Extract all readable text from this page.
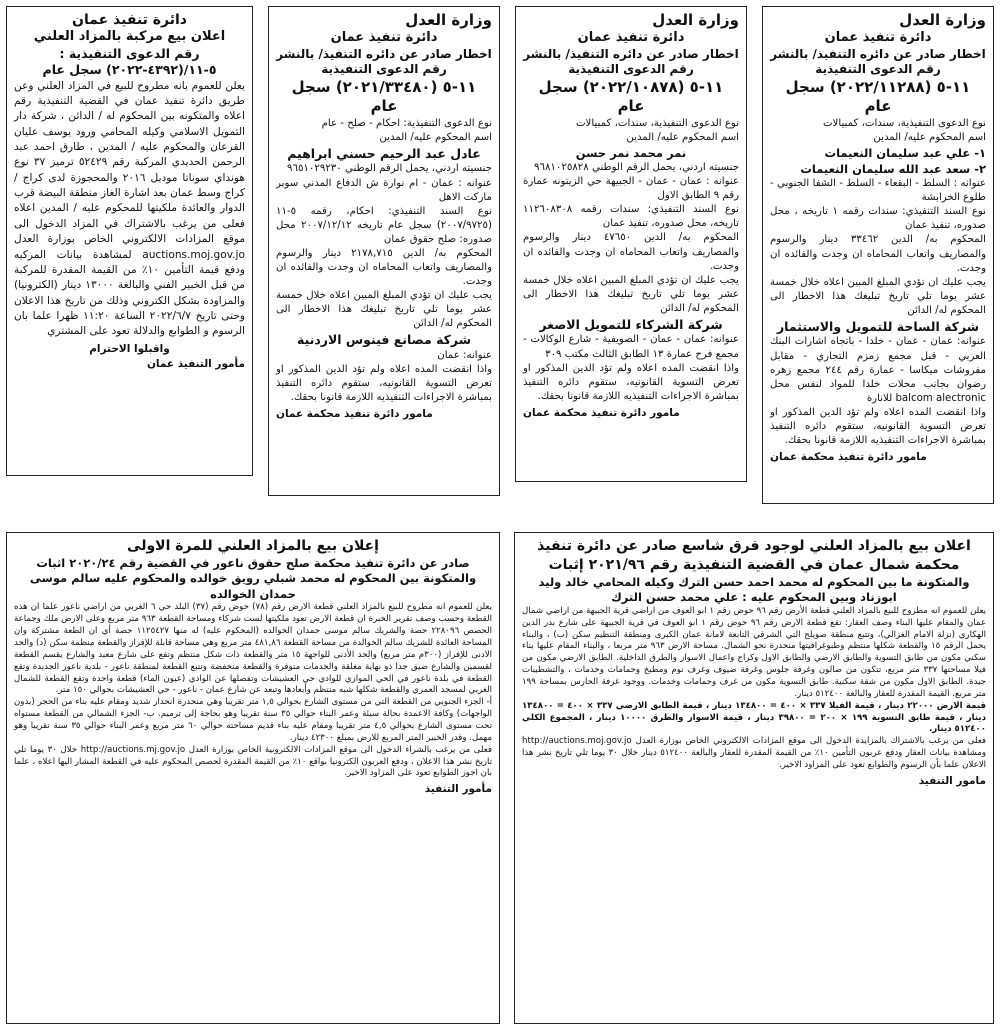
وزارة العدل
دائرة تنفيذ عمان
اخطار صادر عن دائره التنفيذ/ بالنشر
رقم الدعوى التنفيذية
١١-٥ (٢٠٢٢/١١٢٨٨) سجل عام

نوع الدعوى التنفيذية، سندات، كمبيالات

اسم المحكوم عليه/ المدين

١- علي عبد سليمان النعيمات

٢- سعد عبد الله سليمان النعيمات

عنوانه : السلط - البقعاء - السلط - الشفا الجنوبي - طلوع الخرابشة

نوع السند التنفيذي: سندات رقمه ١ تاريخه ، محل صدوره، تنفيذ عمان

المحكوم به/ الدين ٣٣٤٦٢ دينار والرسوم والمصاريف واتعاب المحاماه ان وجدت والفائده ان وجدت.

يجب عليك ان تؤدي المبلغ المبين اعلاه خلال خمسة عشر يوما تلي تاريخ تبليغك هذا الاخطار الى المحكوم له/ الدائن

شركة الساحة للتمويل والاستثمار

عنوانه: عمان - عمان - خلدا - باتجاه اشارات البنك العربي - قبل مجمع زمزم التجاري - مقابل مفروشات ميكاسا - عمارة رقم ٢٤٤ مجمع زهره رضوان بجانب محلات خلدا للمواد لنفس محل balcom alectronic للانارة

واذا انقضت المده اعلاه ولم تؤد الدين المذكور او تعرض التسوية القانونيه، ستقوم دائره التنفيذ بمباشرة الاجراءات التنفيذيه اللازمة قانونا بحقك.

مامور دائرة تنفيذ محكمة عمان
وزارة العدل
دائرة تنفيذ عمان
اخطار صادر عن دائره التنفيذ/ بالنشر
رقم الدعوى التنفيذية
١١-٥ (٢٠٢٢/١٠٨٧٨) سجل عام

نوع الدعوى التنفيذية، سندات، كمبيالات

اسم المحكوم عليه/ المدين

نمر محمد نمر حسن

جنسيته اردني، يحمل الرقم الوطني ٩٦٨١٠٢٥٨٢٨

عنوانه : عمان - عمان - الجبيهة حي الزيتونه عمارة رقم ٩ الطابق الاول

نوع السند التنفيذي: سندات رقمه ١١٢٦٠٨٣٠٨ تاريخه، محل صدوره، تنفيذ عمان

المحكوم به/ الدين ٤٧٦٥٠ دينار والرسوم والمصاريف واتعاب المحاماه ان وجدت والفائده ان وجدت.

يجب عليك ان تؤدي المبلغ المبين اعلاه خلال خمسة عشر يوما تلي تاريخ تبليغك هذا الاخطار الى المحكوم له/ الدائن

شركة الشركاء للتمويل الاصغر

عنوانه: عمان - عمان - الصويفية - شارع الوكالات - مجمع فرح عمارة ١٣ الطابق الثالث مكتب ٣٠٩

واذا انقضت المده اعلاه ولم تؤد الدين المذكور او تعرض التسوية القانونيه، ستقوم دائره التنفيذ بمباشرة الاجراءات التنفيذيه اللازمة قانونا بحقك.

مامور دائرة تنفيذ محكمة عمان
وزارة العدل
دائرة تنفيذ عمان
اخطار صادر عن دائره التنفيذ/ بالنشر
رقم الدعوى التنفيذية
١١-٥ (٢٠٢١/٣٣٤٨٠) سجل عام

نوع الدعوى التنفيذية: احكام - صلح - عام

اسم المحكوم عليه/ المدين

عادل عبد الرحيم حسني ابراهيم

جنسيته اردني، يحمل الرقم الوطني ٩٦٥١٠٢٩٢٣٠

عنوانه : عمان - ام نوارة ش الدفاع المدني سوبر ماركت الاهل

نوع السند التنفيذي: احكام، رقمه ٥-١١ (٢٠٠٧/٩٧٢٥) سجل عام تاريخه ٢٠٠٧/١٢/١٢ محل صدوره: صلح حقوق عمان

المحكوم به/ الدين ٢١٧٨,٧١٥ دينار والرسوم والمصاريف واتعاب المحاماه ان وجدت والفائده ان وجدت.

يجب عليك ان تؤدي المبلغ المبين اعلاه خلال خمسة عشر يوما تلي تاريخ تبليغك هذا الاخطار الى المحكوم له/ الدائن

شركة مصانع فينوس الاردنية

عنوانه: عمان

واذا انقضت المده اعلاه ولم تؤد الدين المذكور او تعرض التسوية القانونيه، ستقوم دائره التنفيذ بمباشرة الاجراءات التنفيذيه اللازمة قانونا بحقك.

مامور دائرة تنفيذ محكمة عمان
دائرة تنفيذ عمان
اعلان بيع مركبة بالمزاد العلني
رقم الدعوى التنفيذية : ٥-١١/(٤٣٩٢-٢٠٢٢) سجل عام

يعلن للعموم بانه مطروح للبيع في المزاد العلني وعن طريق دائرة تنفيذ عمان في القضية التنفيذية رقم اعلاه والمتكونه بين المحكوم له / الدائن ، شركة دار التمويل الاسلامي وكيله المحامي ورود يوسف عليان القرعان والمحكوم عليه / المدين ، طارق احمد عبد الرحمن الحديدي المركبة رقم ٥٢٤٢٩ ترميز ٣٧ نوع هونداي سوناتا موديل ٢٠١٦ والمحجوزة لدى كراج / كراج وسط عمان بعد اشارة الغاز منطقة البيضة قرب الدوار والعائدة ملكيتها للمحكوم عليه / المدين اعلاه فعلى من يرغب بالاشتراك في المزاد الدخول الى موقع المزادات الالكتروني الخاص بوزارة العدل auctions.moj.gov.jo لمشاهدة بيانات المركبه ودفع قيمة التأمين ١٠٪ من القيمة المقدرة للمركبة من قبل الخبير الفني والبالغة ١٣٠٠٠ دينار (الكترونيا) والمزاودة بشكل الكتروني وذلك من تاريخ هذا الاعلان وحتى تاريخ ٢٠٢٢/٦/٧ الساعة ١١:٢٠ ظهرا علما بان الرسوم و الطوابع والدلالة تعود على المشتري

واقبلوا الاحترام
مأمور التنفيذ عمان
اعلان بيع بالمزاد العلني لوجود فرق شاسع صادر عن دائرة تنفيذ محكمة شمال عمان في القضية التنفيذية رقم ٢٠٢١/٩٦ إثبات
والمتكونة ما بين المحكوم له محمد احمد حسن الترك وكيله المحامي خالد وليد ابوزناد وبين المحكوم عليه : علي محمد حسن الترك

يعلن للعموم انه مطروح للبيع بالمزاد العلني قطعة الأرض رقم ٩٦ حوض رقم ١ ابو العوف من اراضي قرية الجبيهة من اراضي شمال عمان والمقام عليها البناء وصف العقار: تقع قطعة الارض رقم ٩٦ حوض رقم ١ ابو العوف في قرية الجبيهة على شارع بدر الدين الهكاري (نزلة الامام الغزالي)، وتتبع منطقة صويلح التي الشرقي التابعة لامانة عمان الكبرى ومنطقة التنظيم سكن (ب) ، والبناء يحمل الرقم ١٥ والقطعة شكلها منتظم وطبوغرافيتها منحدرة نحو الشمال. مساحة الارض ٩٦٣ متر مربعا ، والبناء المقام عليها بناء سكني مكون من طابق التسوية والطابق الارضي والطابق الاول وكراج واعمال الاسوار والطرق الداخلية. الطابق الارضي مكون من فيلا مساحتها ٣٣٧ متر مربع، تتكون من صالون وغرفة جلوس وغرفة ضيوف وغرف نوم ومطبخ وحمامات وخدمات ، والتشطيبات جيدة. الطابق الاول مكون من شقة سكنية. طابق التسوية مكون من غرف وحمامات وخدمات. ووجود غرفة الحارس بمساحة ١٩٩ متر مربع. القيمة المقدرة للعقار والبالغة ٥١٢٤٠٠ دينار.

قيمة الارض ٢٢٠٠٠ دينار ، قيمة الفيلا ٣٣٧ × ٤٠٠ = ١٣٤٨٠٠ دينار ، قيمة الطابق الارضي ٣٣٧ × ٤٠٠ = ١٣٤٨٠٠ دينار ، قيمة طابق التسوية ١٩٩ × ٢٠٠ = ٣٩٨٠٠ دينار ، قيمة الاسوار والطرق ١٠٠٠٠ دينار ، المجموع الكلي ٥١٢٤٠٠ دينار.

فعلى من يرغب بالاشتراك بالمزايدة الدخول الى موقع المزادات الالكتروني الخاص بوزارة العدل http://auctions.moj.gov.jo ومشاهدة بيانات العقار ودفع عربون التأمين ١٠٪ من القيمة المقدرة للعقار والبالغة ٥١٢٤٠٠ دينار خلال ٣٠ يوما تلي تاريخ نشر هذا الاعلان علما بأن الرسوم والطوابع تعود على المزاود الاخير.

مامور التنفيذ
إعلان بيع بالمزاد العلني للمرة الاولى
صادر عن دائرة تنفيذ محكمة صلح حقوق ناعور في القضية رقم ٢٠٢٠/٢٤ اثبات
والمتكونة بين المحكوم له محمد شبلي رويق خوالده والمحكوم عليه سالم موسى حمدان الخوالده

يعلن للعموم انه مطروح للبيع بالمزاد العلني قطعة الارض رقم (٧٨) حوض رقم (٣٧) البلد حي ٦ الغربي من اراضي ناعور علما ان هذه القطعة وحسب وصف تقرير الخبرة ان قطعة الارض تعود ملكيتها لست شركاء ومساحة القطعة ٩٦٣ متر مربع وعلى الارض ملك وجماعة الحصص ٢٢٨٠٩٦ حصة والشريك سالم موسى حمدان الخوالده (المحكوم عليه) له منها ١١٢٥٤٢٧ حصة أي ان الطعة مشتركة وان المساحة العائدة للشريك سالم الخوالدة من مساحة القطعة ٤٨١,٨٦ متر مربع وهي مساحة قابلة للإفراز والقطعة منظمة سكن (د) والحد الادنى للإفراز (٣٠٠م متر مربع) والحد الأدنى للواجهة ١٥ متر والقطعة ذات شكل منتظم وتقع على شارع معبد والشارع يقسم القطعة لقسمين والشارع ضيق جدا ذو نهاية مغلقة والخدمات متوفرة والقطعة منخفضة وتتبع القطعة لمنطقة ناعور - بلدية ناعور الجديدة وتقع القطعة في بلدة ناعور في الحي الموازي للوادي حي العشيشات وتفصلها عن الوادي (عيون الماء) قطعة واحدة وتقع القطعة للشمال الغربي لمسجد العمري والقطعة شكلها شبه منتظم وأبعادها وتبعد عن شارع عمان - ناعور - حي العشيشات بحوالي ١٥٠ متر.

أ- الجزء الجنوبي من القطعة التي من مستوى الشارع بحوالي ١,٥ متر تقريبا وهي منحدرة انحدار شديد ومقام عليه بناء من الحجر (بدون الواجهات) وكافة الاعمدة بحالة سيئة وعمر البناء حوالي ٣٥ سنة تقريبا وهو بحاجة إلى ترميم. ب- الجزء الشمالي من القطعة مستواه تحت مستوى الشارع بحوالي ٤,٥ متر تقريبا ومقام عليه بناء قديم مساحته حوالي ٦٠ متر مربع وعمر البناء حوالي ٣٥ سنة تقريبا وهو مهمل. وقدر الخبير المتر المربع للارض بمبلغ ٤٢٣٠٠ دينار.

فعلى من يرغب بالشراء الدخول الى موقع المزادات الالكترونية الخاص بوزارة العدل http://auctions.mj.gov.jo خلال ٣٠ يوما تلي تاريخ نشر هذا الاعلان ، ودفع العربون الكترونيا بواقع ١٠٪ من القيمة المقدرة لحصص المحكوم عليه في القطعة المشار اليها اعلاه ، علما بان اجور الطوابع تعود على المزاود الاخير.

مأمور التنفيذ
